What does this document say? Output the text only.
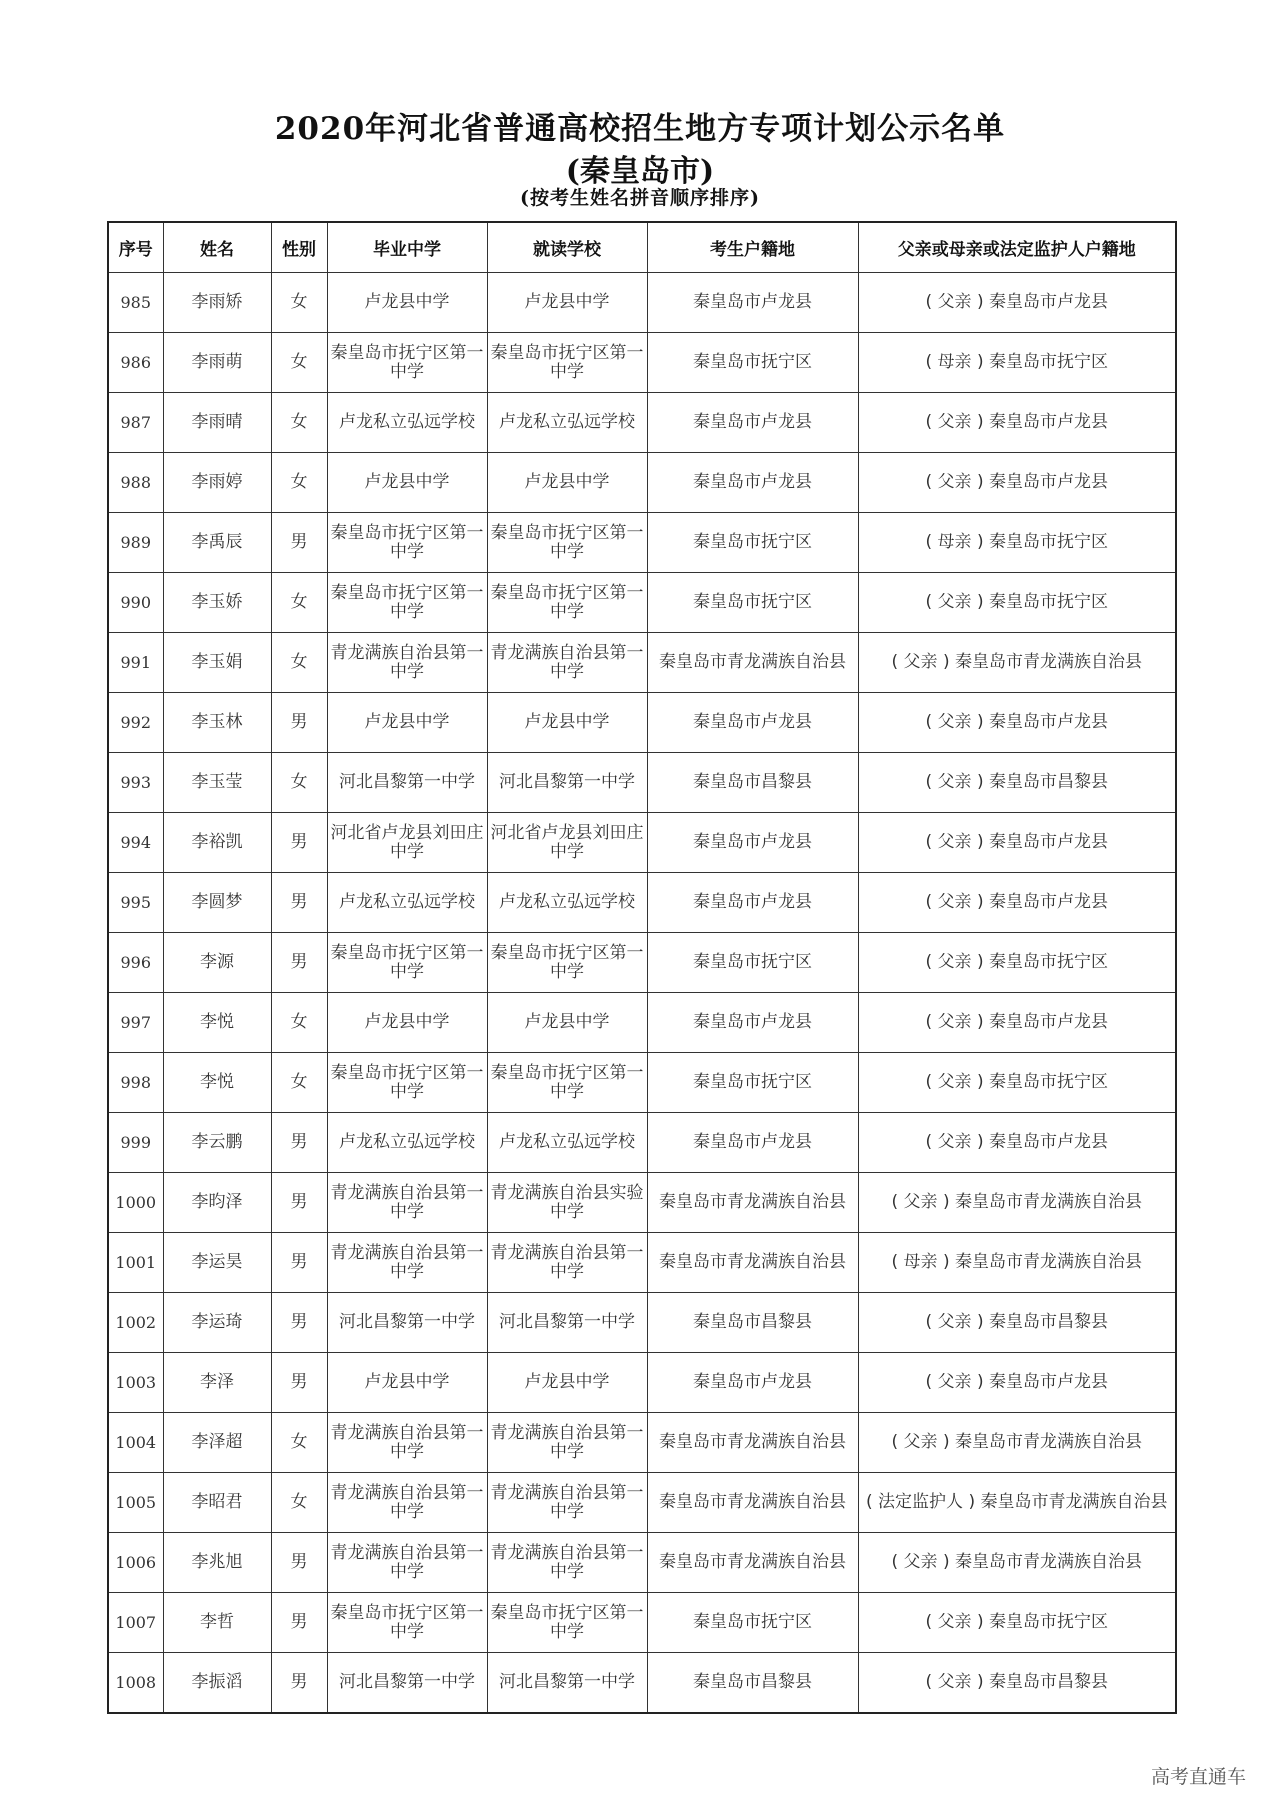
2020年河北省普通高校招生地方专项计划公示名单
(秦皇岛市)
(按考生姓名拼音顺序排序)
序号	姓名	性别	毕业中学	就读学校	考生户籍地	父亲或母亲或法定监护人户籍地
985	李雨矫	女	卢龙县中学	卢龙县中学	秦皇岛市卢龙县	( 父亲 ) 秦皇岛市卢龙县
986	李雨萌	女	秦皇岛市抚宁区第一中学	秦皇岛市抚宁区第一中学	秦皇岛市抚宁区	( 母亲 ) 秦皇岛市抚宁区
987	李雨晴	女	卢龙私立弘远学校	卢龙私立弘远学校	秦皇岛市卢龙县	( 父亲 ) 秦皇岛市卢龙县
988	李雨婷	女	卢龙县中学	卢龙县中学	秦皇岛市卢龙县	( 父亲 ) 秦皇岛市卢龙县
989	李禹辰	男	秦皇岛市抚宁区第一中学	秦皇岛市抚宁区第一中学	秦皇岛市抚宁区	( 母亲 ) 秦皇岛市抚宁区
990	李玉娇	女	秦皇岛市抚宁区第一中学	秦皇岛市抚宁区第一中学	秦皇岛市抚宁区	( 父亲 ) 秦皇岛市抚宁区
991	李玉娟	女	青龙满族自治县第一中学	青龙满族自治县第一中学	秦皇岛市青龙满族自治县	( 父亲 ) 秦皇岛市青龙满族自治县
992	李玉林	男	卢龙县中学	卢龙县中学	秦皇岛市卢龙县	( 父亲 ) 秦皇岛市卢龙县
993	李玉莹	女	河北昌黎第一中学	河北昌黎第一中学	秦皇岛市昌黎县	( 父亲 ) 秦皇岛市昌黎县
994	李裕凯	男	河北省卢龙县刘田庄中学	河北省卢龙县刘田庄中学	秦皇岛市卢龙县	( 父亲 ) 秦皇岛市卢龙县
995	李圆梦	男	卢龙私立弘远学校	卢龙私立弘远学校	秦皇岛市卢龙县	( 父亲 ) 秦皇岛市卢龙县
996	李源	男	秦皇岛市抚宁区第一中学	秦皇岛市抚宁区第一中学	秦皇岛市抚宁区	( 父亲 ) 秦皇岛市抚宁区
997	李悦	女	卢龙县中学	卢龙县中学	秦皇岛市卢龙县	( 父亲 ) 秦皇岛市卢龙县
998	李悦	女	秦皇岛市抚宁区第一中学	秦皇岛市抚宁区第一中学	秦皇岛市抚宁区	( 父亲 ) 秦皇岛市抚宁区
999	李云鹏	男	卢龙私立弘远学校	卢龙私立弘远学校	秦皇岛市卢龙县	( 父亲 ) 秦皇岛市卢龙县
1000	李昀泽	男	青龙满族自治县第一中学	青龙满族自治县实验中学	秦皇岛市青龙满族自治县	( 父亲 ) 秦皇岛市青龙满族自治县
1001	李运昊	男	青龙满族自治县第一中学	青龙满族自治县第一中学	秦皇岛市青龙满族自治县	( 母亲 ) 秦皇岛市青龙满族自治县
1002	李运琦	男	河北昌黎第一中学	河北昌黎第一中学	秦皇岛市昌黎县	( 父亲 ) 秦皇岛市昌黎县
1003	李泽	男	卢龙县中学	卢龙县中学	秦皇岛市卢龙县	( 父亲 ) 秦皇岛市卢龙县
1004	李泽超	女	青龙满族自治县第一中学	青龙满族自治县第一中学	秦皇岛市青龙满族自治县	( 父亲 ) 秦皇岛市青龙满族自治县
1005	李昭君	女	青龙满族自治县第一中学	青龙满族自治县第一中学	秦皇岛市青龙满族自治县	( 法定监护人 ) 秦皇岛市青龙满族自治县
1006	李兆旭	男	青龙满族自治县第一中学	青龙满族自治县第一中学	秦皇岛市青龙满族自治县	( 父亲 ) 秦皇岛市青龙满族自治县
1007	李哲	男	秦皇岛市抚宁区第一中学	秦皇岛市抚宁区第一中学	秦皇岛市抚宁区	( 父亲 ) 秦皇岛市抚宁区
1008	李振滔	男	河北昌黎第一中学	河北昌黎第一中学	秦皇岛市昌黎县	( 父亲 ) 秦皇岛市昌黎县
高考直通车
